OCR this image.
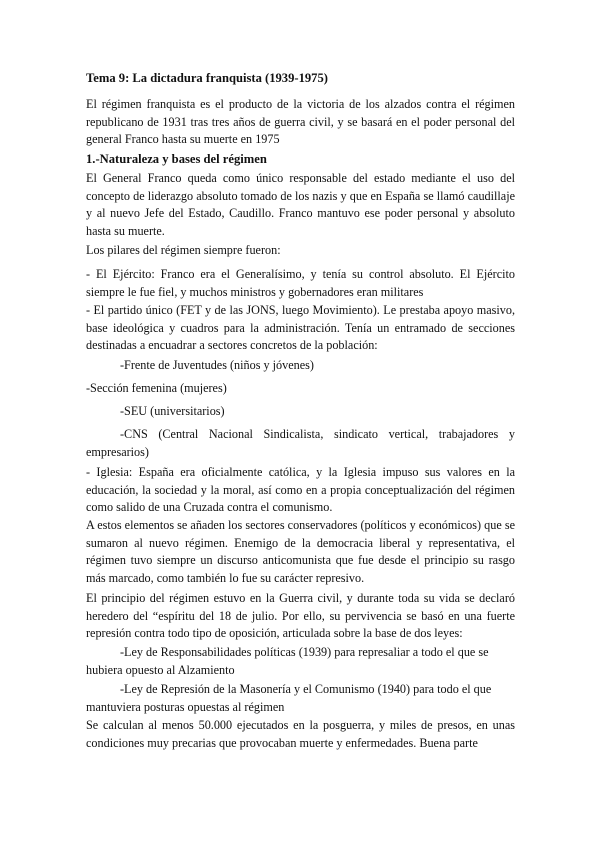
Tema 9: La dictadura franquista (1939-1975)

El régimen franquista es el producto de la victoria de los alzados contra el régimen republicano de 1931 tras tres años de guerra civil, y se basará en el poder personal del general Franco hasta su muerte en 1975

1.-Naturaleza y bases del régimen

El General Franco queda como único responsable del estado mediante el uso del concepto de liderazgo absoluto tomado de los nazis y que en España se llamó caudillaje y al nuevo Jefe del Estado, Caudillo. Franco mantuvo ese poder personal y absoluto hasta su muerte.

Los pilares del régimen siempre fueron:

- El Ejército: Franco era el Generalísimo, y tenía su control absoluto. El Ejército siempre le fue fiel, y muchos ministros y gobernadores eran militares

- El partido único (FET y de las JONS, luego Movimiento). Le prestaba apoyo masivo, base ideológica y cuadros para la administración. Tenía un entramado de secciones destinadas a encuadrar a sectores concretos de la población:

-Frente de Juventudes (niños y jóvenes)

-Sección femenina (mujeres)

-SEU (universitarios)

-CNS (Central Nacional Sindicalista, sindicato vertical, trabajadores y empresarios)

- Iglesia: España era oficialmente católica, y la Iglesia impuso sus valores en la educación, la sociedad y la moral, así como en a propia conceptualización del régimen como salido de una Cruzada contra el comunismo.

A estos elementos se añaden los sectores conservadores (políticos y económicos) que se sumaron al nuevo régimen. Enemigo de la democracia liberal y representativa, el régimen tuvo siempre un discurso anticomunista que fue desde el principio su rasgo más marcado, como también lo fue su carácter represivo.

El principio del régimen estuvo en la Guerra civil, y durante toda su vida se declaró heredero del “espíritu del 18 de julio. Por ello, su pervivencia se basó en una fuerte represión contra todo tipo de oposición, articulada sobre la base de dos leyes:

-Ley de Responsabilidades políticas (1939) para represaliar a todo el que se hubiera opuesto al Alzamiento

-Ley de Represión de la Masonería y el Comunismo (1940) para todo el que mantuviera posturas opuestas al régimen

Se calculan al menos 50.000 ejecutados en la posguerra, y miles de presos, en unas condiciones muy precarias que provocaban muerte y enfermedades. Buena parte
